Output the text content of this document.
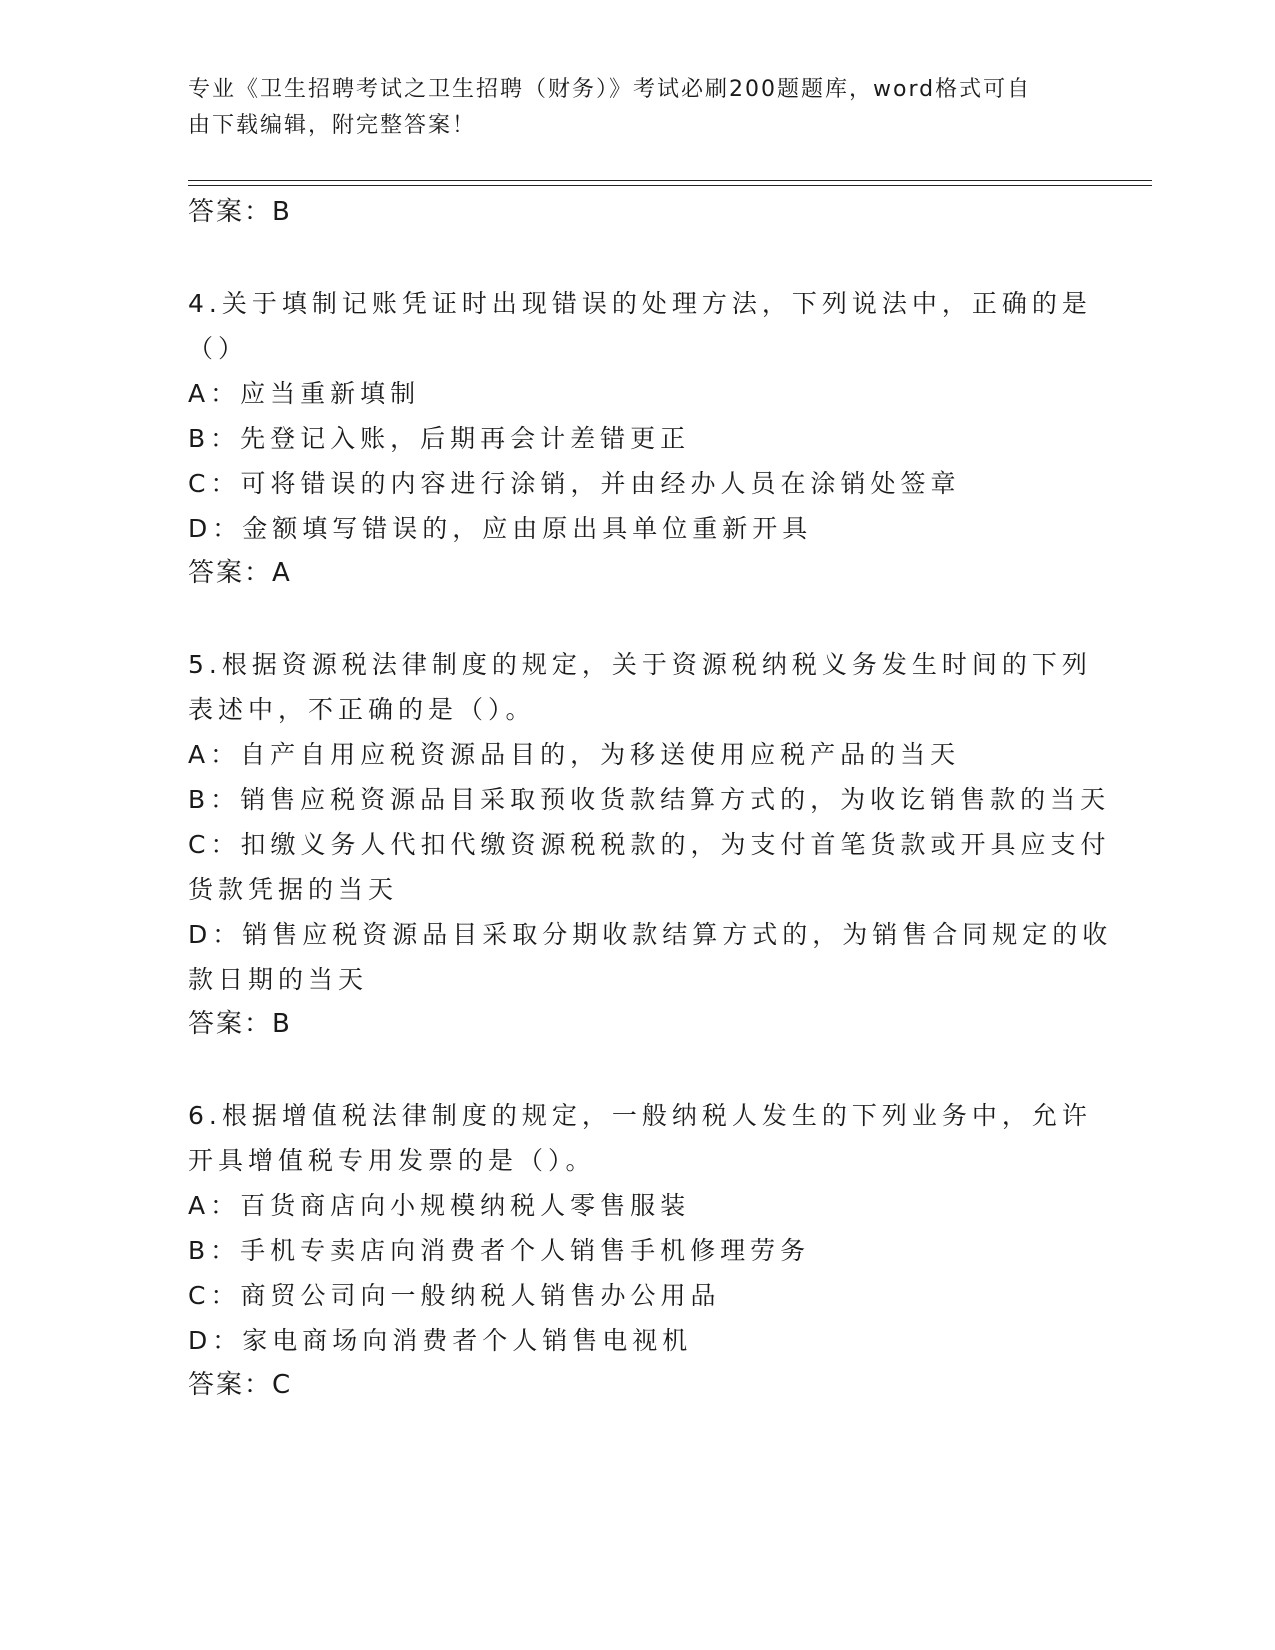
专业《卫生招聘考试之卫生招聘（财务）》考试必刷200题题库，word格式可自
由下载编辑，附完整答案！
答案：B
4.关于填制记账凭证时出现错误的处理方法，下列说法中，正确的是
（）
A：应当重新填制
B：先登记入账，后期再会计差错更正
C：可将错误的内容进行涂销，并由经办人员在涂销处签章
D：金额填写错误的，应由原出具单位重新开具
答案：A
5.根据资源税法律制度的规定，关于资源税纳税义务发生时间的下列
表述中，不正确的是（）。
A：自产自用应税资源品目的，为移送使用应税产品的当天
B：销售应税资源品目采取预收货款结算方式的，为收讫销售款的当天
C：扣缴义务人代扣代缴资源税税款的，为支付首笔货款或开具应支付
货款凭据的当天
D：销售应税资源品目采取分期收款结算方式的，为销售合同规定的收
款日期的当天
答案：B
6.根据增值税法律制度的规定，一般纳税人发生的下列业务中，允许
开具增值税专用发票的是（）。
A：百货商店向小规模纳税人零售服装
B：手机专卖店向消费者个人销售手机修理劳务
C：商贸公司向一般纳税人销售办公用品
D：家电商场向消费者个人销售电视机
答案：C
